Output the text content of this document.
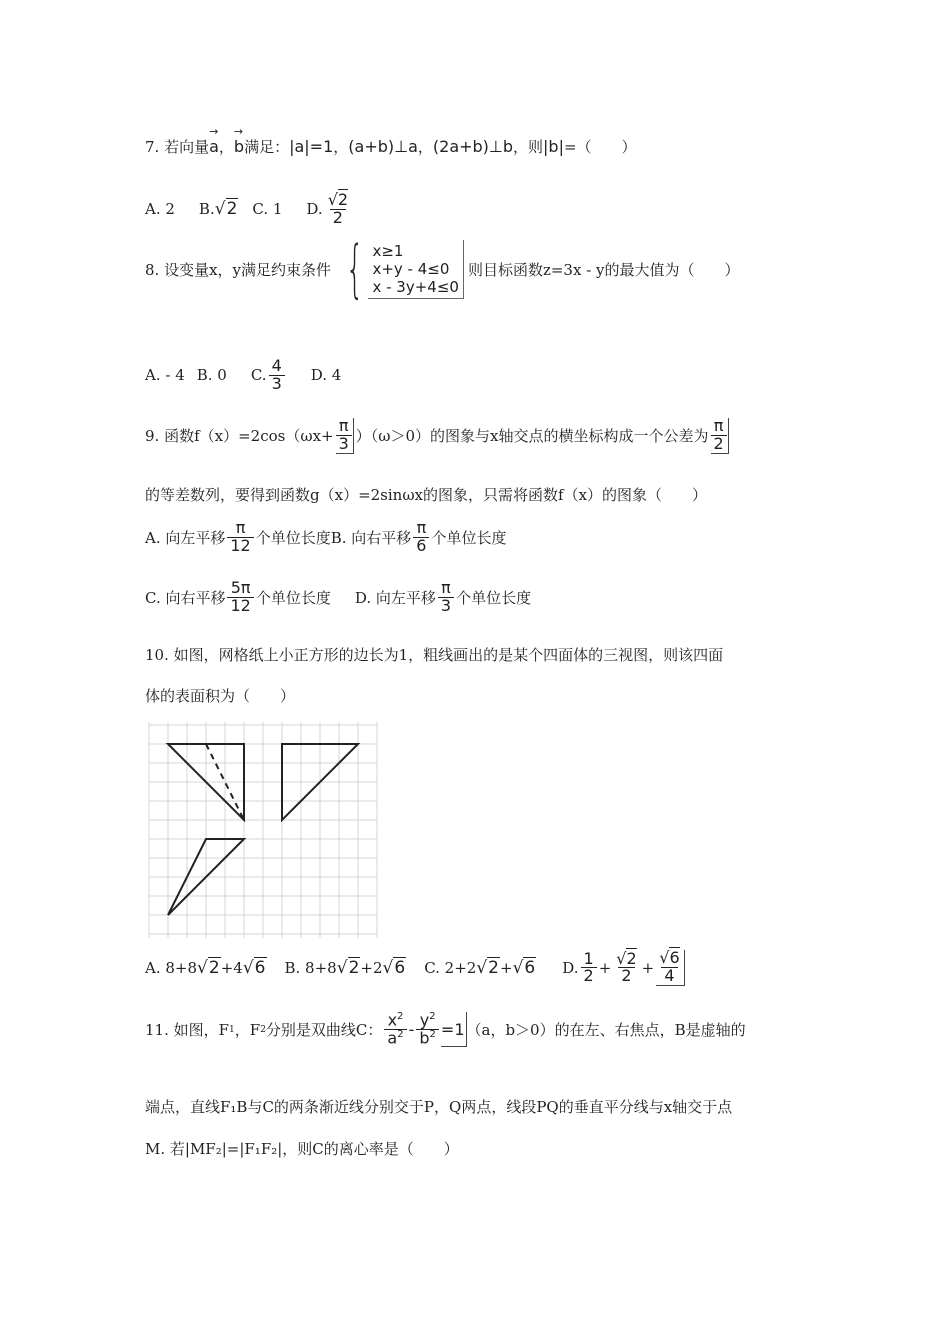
7. 若向量 → a ， → b 满足： |a|=1 ， (a+b)⊥a ， (2a+b)⊥b ，则 |b| =（　　）
A. 2 B. √2 C. 1 D. $\frac{√2}{2}$
8. 设变量x，y满足约束条件 { x≥1
x+y - 4≤0
x - 3y+4≤0
则目标函数z=3x - y的最大值为（　　）
A. - 4 B. 0 C. $\frac{4}{3} D$. 4
9. 函数$f(x)=2\cos(\omega x+ \frac{\pi}{3} )(\omega>0)$的图象与x轴交点的横坐标构成一个公差为 $\frac{\pi}{2}$
的等差数列，要得到函数g（x）=2sinωx的图象，只需将函数f（x）的图象（　　）
A. 向左平移 $\frac{\pi}{12}$ 个单位长度B. 向右平移 $\frac{\pi}{6}$ 个单位长度
C. 向右平移 $\frac{5\pi}{12}$ 个单位长度 D. 向左平移 $\frac{\pi}{3}$ 个单位长度
10. 如图，网格纸上小正方形的边长为1，粗线画出的是某个四面体的三视图，则该四面
体的表面积为（　　）
A. 8+8 √2 +4 √6 B. 8+8 √2 +2 √6 C. 2+2 √2 + √6 D. $\frac{1}{2} + \frac{√2}{2} + \frac{√6}{4}$
11. 如图，F 1 ，F 2 分别是双曲线C： $\frac{x^2}{a^2} - \frac{y^2}{b^2} =1$ （a，b＞0）的在左、右焦点，B是虚轴的
端点，直线F₁B与C的两条渐近线分别交于P，Q两点，线段PQ的垂直平分线与x轴交于点
M. 若|MF₂|=|F₁F₂|，则C的离心率是（　　）
